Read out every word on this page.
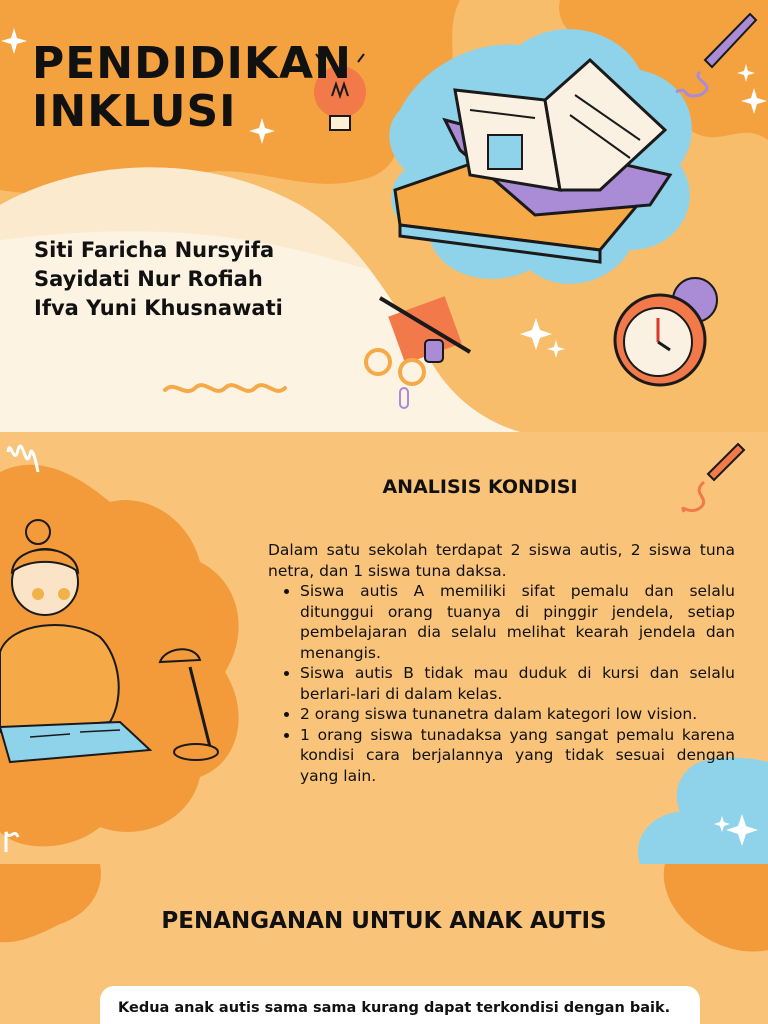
PENDIDIKAN
INKLUSI
Siti Faricha Nursyifa
Sayidati Nur Rofiah
Ifva Yuni Khusnawati
ANALISIS KONDISI
Dalam satu sekolah terdapat 2 siswa autis, 2 siswa tuna netra, dan 1 siswa tuna daksa.
• Siswa autis A memiliki sifat pemalu dan selalu ditunggui orang tuanya di pinggir jendela, setiap pembelajaran dia selalu melihat kearah jendela dan menangis.
• Siswa autis B tidak mau duduk di kursi dan selalu berlari-lari di dalam kelas.
• 2 orang siswa tunanetra dalam kategori low vision.
• 1 orang siswa tunadaksa yang sangat pemalu karena kondisi cara berjalannya yang tidak sesuai dengan yang lain.
PENANGANAN UNTUK ANAK AUTIS
Kedua anak autis sama sama kurang dapat terkondisi dengan baik.
